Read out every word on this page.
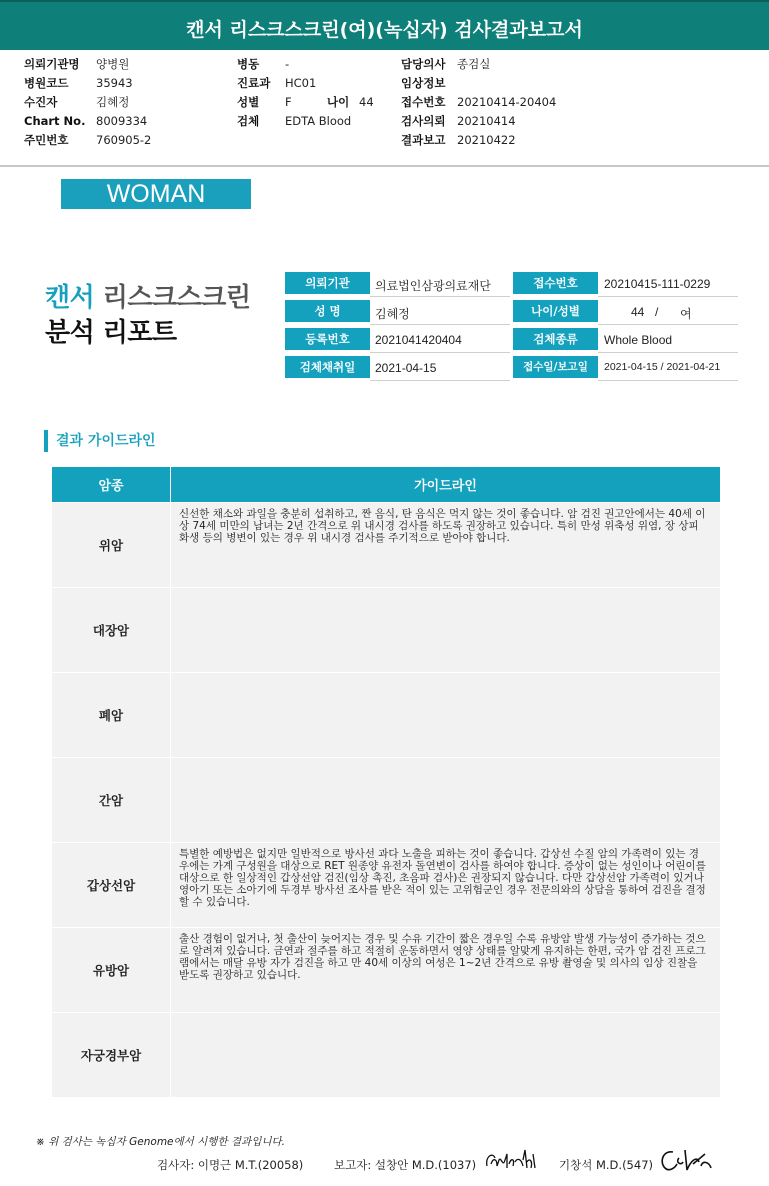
캔서 리스크스크린(여)(녹십자) 검사결과보고서
의뢰기관명 양병원
병원코드 35943
수진자	김혜정
Chart No. 8009334
주민번호 760905-2
병동 -
진료과 HC01
성별 F	나이 44
검체 EDTA Blood
담당의사 종검실
임상정보
접수번호 20210414-20404
검사의뢰 20210414
결과보고 20210422
WOMAN
캔서 리스크스크린
분석 리포트
의뢰기관	의료법인삼광의료재단	접수번호	20210415-111-0229
성 명	김혜정	나이/성별	44 / 여
등록번호	2021041420404	검체종류	Whole Blood
검체채취일	2021-04-15	접수일/보고일	2021-04-15 / 2021-04-21
결과 가이드라인
암종	가이드라인
위암	신선한 채소와 과일을 충분히 섭취하고, 짠 음식, 탄 음식은 먹지 않는 것이 좋습니다. 암 검진 권고안에서는 40세 이상 74세 미만의 남녀는 2년 간격으로 위 내시경 검사를 하도록 권장하고 있습니다. 특히 만성 위축성 위염, 장 상피 화생 등의 병변이 있는 경우 위 내시경 검사를 주기적으로 받아야 합니다.

대장암	

폐암	

간암	

갑상선암	특별한 예방법은 없지만 일반적으로 방사선 과다 노출을 피하는 것이 좋습니다. 갑상선 수질 암의 가족력이 있는 경우에는 가계 구성원을 대상으로 RET 원종양 유전자 돌연변이 검사를 하여야 합니다. 증상이 없는 성인이나 어린이를 대상으로 한 일상적인 갑상선암 검진(임상 촉진, 초음파 검사)은 권장되지 않습니다. 다만 갑상선암 가족력이 있거나 영아기 또는 소아기에 두경부 방사선 조사를 받은 적이 있는 고위험군인 경우 전문의와의 상담을 통하여 검진을 결정할 수 있습니다.

유방암	출산 경험이 없거나, 첫 출산이 늦어지는 경우 및 수유 기간이 짧은 경우일 수록 유방암 발생 가능성이 증가하는 것으로 알려져 있습니다. 금연과 절주를 하고 적절히 운동하면서 영양 상태를 알맞게 유지하는 한편, 국가 암 검진 프로그램에서는 매달 유방 자가 검진을 하고 만 40세 이상의 여성은 1~2년 간격으로 유방 촬영술 및 의사의 임상 진찰을 받도록 권장하고 있습니다.

자궁경부암	
※ 위 검사는 녹십자 Genome에서 시행한 결과입니다.
검사자: 이명근 M.T.(20058)	보고자: 설창안 M.D.(1037)	기창석 M.D.(547)
